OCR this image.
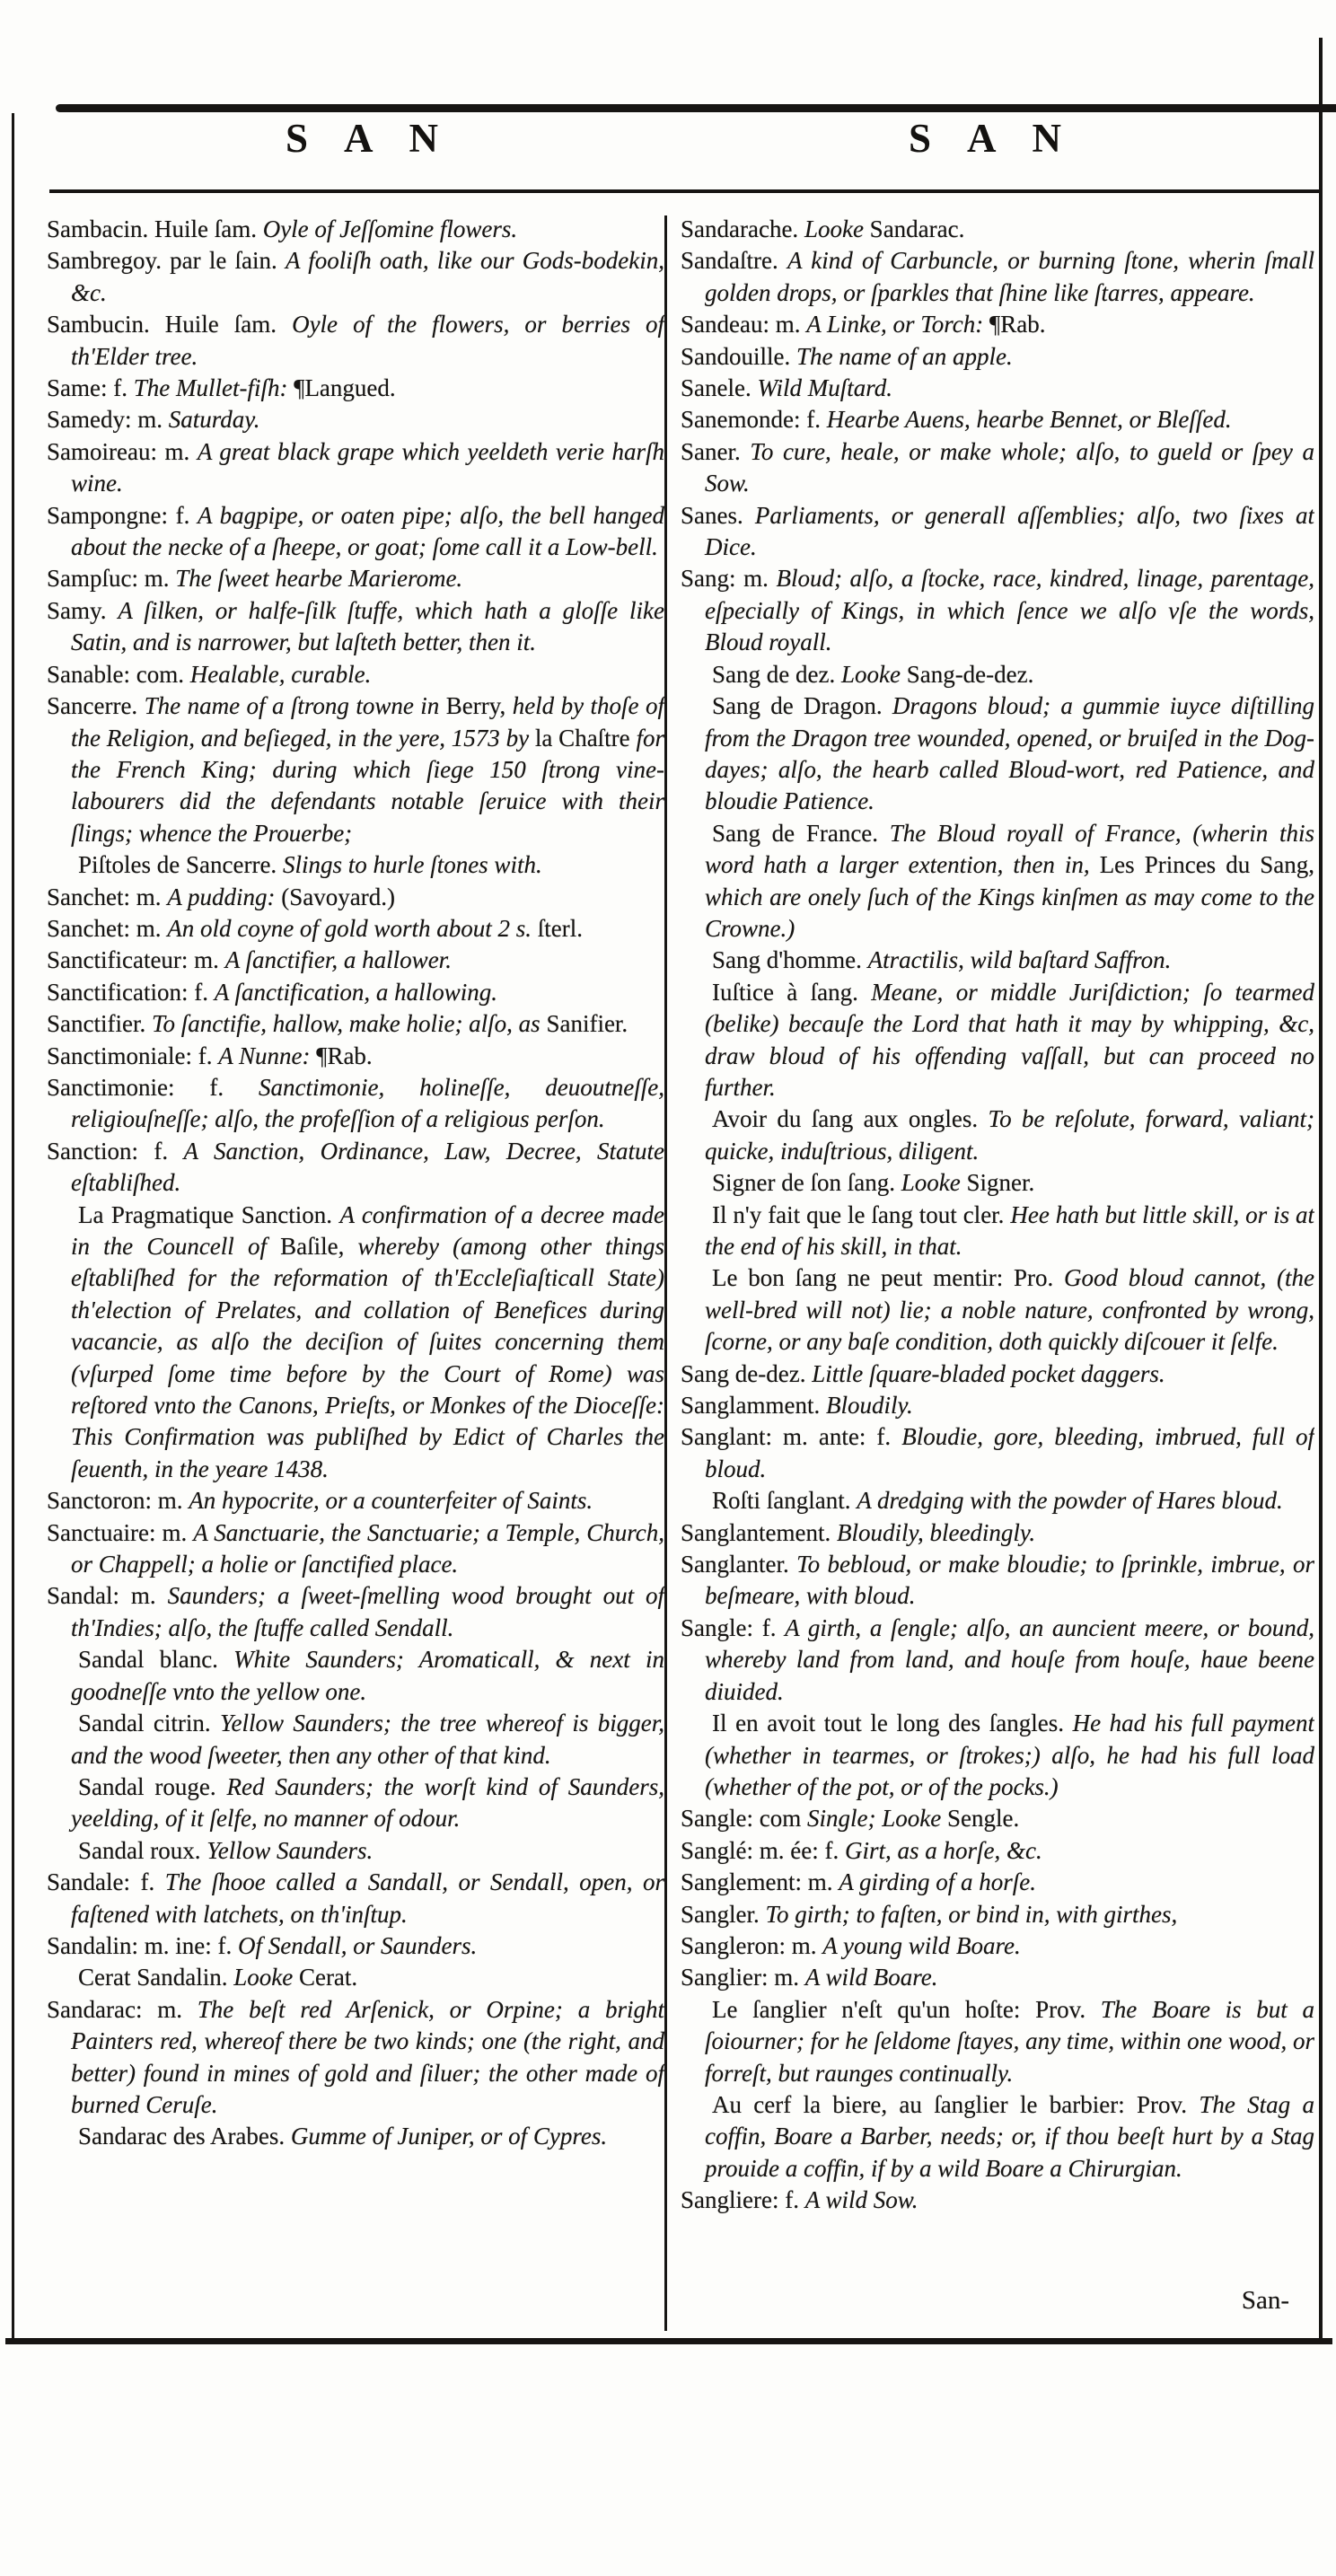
SAN	SAN

Sambacin. Huile ſam. Oyle of Jeſſomine flowers.

Sambregoy. par le ſain. A fooliſh oath, like our Gods-bodekin, &c.

Sambucin. Huile ſam. Oyle of the flowers, or berries of th'Elder tree.

Same: f. The Mullet-fiſh: ¶Langued.

Samedy: m. Saturday.

Samoireau: m. A great black grape which yeeldeth verie harſh wine.

Sampongne: f. A bagpipe, or oaten pipe; alſo, the bell hanged about the necke of a ſheepe, or goat; ſome call it a Low-bell.

Sampſuc: m. The ſweet hearbe Marierome.

Samy. A ſilken, or halfe-ſilk ſtuffe, which hath a gloſſe like Satin, and is narrower, but laſteth better, then it.

Sanable: com. Healable, curable.

Sancerre. The name of a ſtrong towne in Berry, held by thoſe of the Religion, and beſieged, in the yere, 1573 by la Chaſtre for the French King; during which ſiege 150 ſtrong vine-labourers did the defendants notable ſeruice with their ſlings; whence the Prouerbe;

Piſtoles de Sancerre. Slings to hurle ſtones with.

Sanchet: m. A pudding: (Savoyard.)

Sanchet: m. An old coyne of gold worth about 2 s. ſterl.

Sanctificateur: m. A ſanctifier, a hallower.

Sanctification: f. A ſanctification, a hallowing.

Sanctifier. To ſanctifie, hallow, make holie; alſo, as Sanifier.

Sanctimoniale: f. A Nunne: ¶Rab.

Sanctimonie: f. Sanctimonie, holineſſe, deuoutneſſe, religiouſneſſe; alſo, the profeſſion of a religious perſon.

Sanction: f. A Sanction, Ordinance, Law, Decree, Statute eſtabliſhed.

La Pragmatique Sanction. A confirmation of a decree made in the Councell of Baſile, whereby (among other things eſtabliſhed for the reformation of th'Eccleſiaſticall State) th'election of Prelates, and collation of Benefices during vacancie, as alſo the deciſion of ſuites concerning them (vſurped ſome time before by the Court of Rome) was reſtored vnto the Canons, Prieſts, or Monkes of the Dioceſſe: This Confirmation was publiſhed by Edict of Charles the ſeuenth, in the yeare 1438.

Sanctoron: m. An hypocrite, or a counterfeiter of Saints.

Sanctuaire: m. A Sanctuarie, the Sanctuarie; a Temple, Church, or Chappell; a holie or ſanctified place.

Sandal: m. Saunders; a ſweet-ſmelling wood brought out of th'Indies; alſo, the ſtuffe called Sendall.

Sandal blanc. White Saunders; Aromaticall, & next in goodneſſe vnto the yellow one.

Sandal citrin. Yellow Saunders; the tree whereof is bigger, and the wood ſweeter, then any other of that kind.

Sandal rouge. Red Saunders; the worſt kind of Saunders, yeelding, of it ſelfe, no manner of odour.

Sandal roux. Yellow Saunders.

Sandale: f. The ſhooe called a Sandall, or Sendall, open, or faſtened with latchets, on th'inſtup.

Sandalin: m. ine: f. Of Sendall, or Saunders.

Cerat Sandalin. Looke Cerat.

Sandarac: m. The beſt red Arſenick, or Orpine; a bright Painters red, whereof there be two kinds; one (the right, and better) found in mines of gold and ſiluer; the other made of burned Ceruſe.

Sandarac des Arabes. Gumme of Juniper, or of Cypres.

Sandarache. Looke Sandarac.

Sandaſtre. A kind of Carbuncle, or burning ſtone, wherin ſmall golden drops, or ſparkles that ſhine like ſtarres, appeare.

Sandeau: m. A Linke, or Torch: ¶Rab.

Sandouille. The name of an apple.

Sanele. Wild Muſtard.

Sanemonde: f. Hearbe Auens, hearbe Bennet, or Bleſſed.

Saner. To cure, heale, or make whole; alſo, to gueld or ſpey a Sow.

Sanes. Parliaments, or generall aſſemblies; alſo, two ſixes at Dice.

Sang: m. Bloud; alſo, a ſtocke, race, kindred, linage, parentage, eſpecially of Kings, in which ſence we alſo vſe the words, Bloud royall.

Sang de dez. Looke Sang-de-dez.

Sang de Dragon. Dragons bloud; a gummie iuyce diſtilling from the Dragon tree wounded, opened, or bruiſed in the Dog-dayes; alſo, the hearb called Bloud-wort, red Patience, and bloudie Patience.

Sang de France. The Bloud royall of France, (wherin this word hath a larger extention, then in, Les Princes du Sang, which are onely ſuch of the Kings kinſmen as may come to the Crowne.)

Sang d'homme. Atractilis, wild baſtard Saffron.

Iuſtice à ſang. Meane, or middle Juriſdiction; ſo tearmed (belike) becauſe the Lord that hath it may by whipping, &c, draw bloud of his offending vaſſall, but can proceed no further.

Avoir du ſang aux ongles. To be reſolute, forward, valiant; quicke, induſtrious, diligent.

Signer de ſon ſang. Looke Signer.

Il n'y fait que le ſang tout cler. Hee hath but little skill, or is at the end of his skill, in that.

Le bon ſang ne peut mentir: Pro. Good bloud cannot, (the well-bred will not) lie; a noble nature, confronted by wrong, ſcorne, or any baſe condition, doth quickly diſcouer it ſelfe.

Sang de-dez. Little ſquare-bladed pocket daggers.

Sanglamment. Bloudily.

Sanglant: m. ante: f. Bloudie, gore, bleeding, imbrued, full of bloud.

Roſti ſanglant. A dredging with the powder of Hares bloud.

Sanglantement. Bloudily, bleedingly.

Sanglanter. To bebloud, or make bloudie; to ſprinkle, imbrue, or beſmeare, with bloud.

Sangle: f. A girth, a ſengle; alſo, an auncient meere, or bound, whereby land from land, and houſe from houſe, haue beene diuided.

Il en avoit tout le long des ſangles. He had his full payment (whether in tearmes, or ſtrokes;) alſo, he had his full load (whether of the pot, or of the pocks.)

Sangle: com Single; Looke Sengle.

Sanglé: m. ée: f. Girt, as a horſe, &c.

Sanglement: m. A girding of a horſe.

Sangler. To girth; to faſten, or bind in, with girthes,

Sangleron: m. A young wild Boare.

Sanglier: m. A wild Boare.

Le ſanglier n'eſt qu'un hoſte: Prov. The Boare is but a ſoiourner; for he ſeldome ſtayes, any time, within one wood, or forreſt, but raunges continually.

Au cerf la biere, au ſanglier le barbier: Prov. The Stag a coffin, Boare a Barber, needs; or, if thou beeſt hurt by a Stag prouide a coffin, if by a wild Boare a Chirurgian.

Sangliere: f. A wild Sow.

San-
